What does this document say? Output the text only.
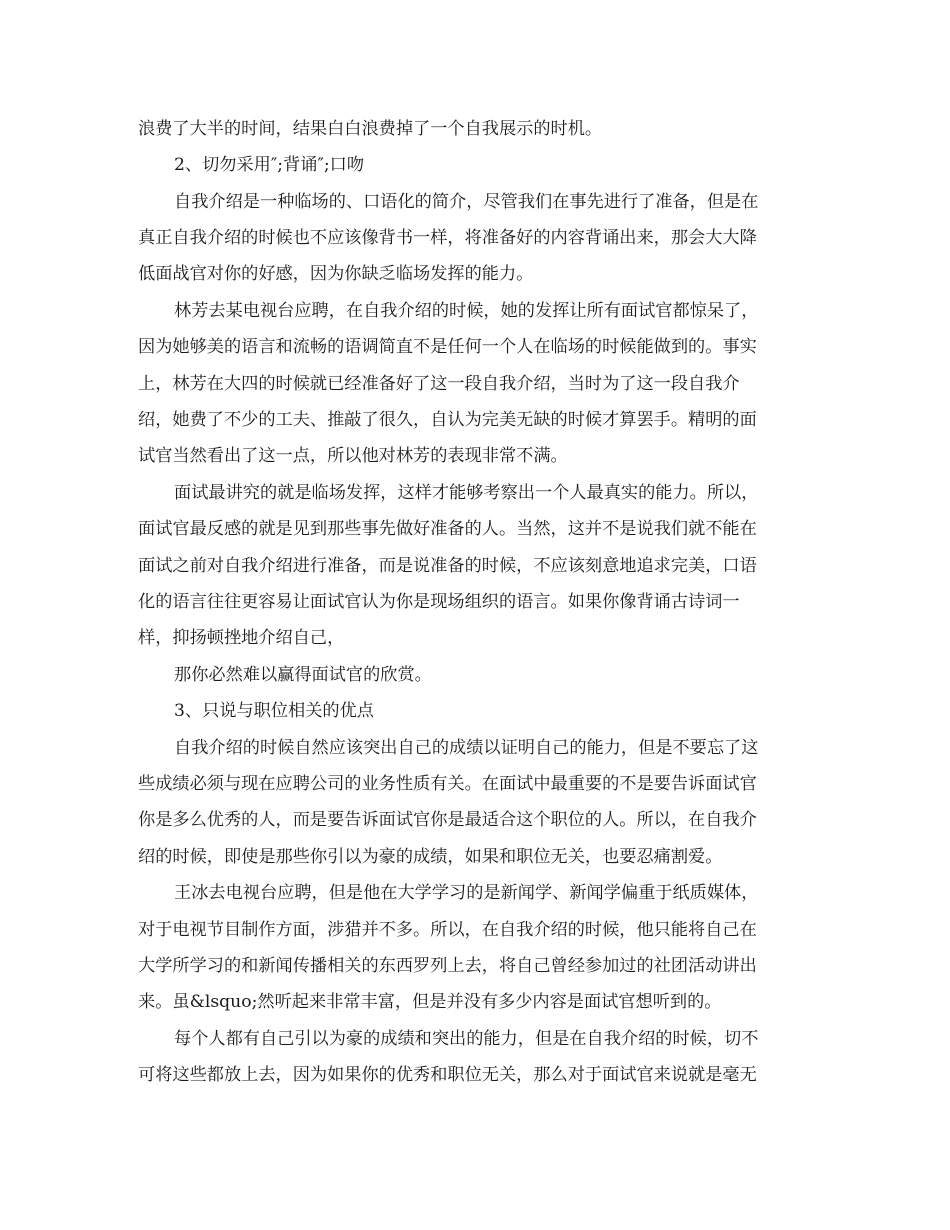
浪费了大半的时间，结果白白浪费掉了一个自我展示的时机。
2、切勿采用″;背诵″;口吻
自我介绍是一种临场的、口语化的简介，尽管我们在事先进行了准备，但是在
真正自我介绍的时候也不应该像背书一样，将准备好的内容背诵出来，那会大大降
低面战官对你的好感，因为你缺乏临场发挥的能力。
林芳去某电视台应聘，在自我介绍的时候，她的发挥让所有面试官都惊呆了，
因为她够美的语言和流畅的语调简直不是任何一个人在临场的时候能做到的。事实
上，林芳在大四的时候就已经准备好了这一段自我介绍，当时为了这一段自我介
绍，她费了不少的工夫、推敲了很久，自认为完美无缺的时候才算罢手。精明的面
试官当然看出了这一点，所以他对林芳的表现非常不满。
面试最讲究的就是临场发挥，这样才能够考察出一个人最真实的能力。所以，
面试官最反感的就是见到那些事先做好准备的人。当然，这并不是说我们就不能在
面试之前对自我介绍进行准备，而是说准备的时候，不应该刻意地追求完美，口语
化的语言往往更容易让面试官认为你是现场组织的语言。如果你像背诵古诗词一
样，抑扬顿挫地介绍自己，
那你必然难以赢得面试官的欣赏。
3、只说与职位相关的优点
自我介绍的时候自然应该突出自己的成绩以证明自己的能力，但是不要忘了这
些成绩必须与现在应聘公司的业务性质有关。在面试中最重要的不是要告诉面试官
你是多么优秀的人，而是要告诉面试官你是最适合这个职位的人。所以，在自我介
绍的时候，即使是那些你引以为豪的成绩，如果和职位无关，也要忍痛割爱。
王冰去电视台应聘，但是他在大学学习的是新闻学、新闻学偏重于纸质媒体，
对于电视节目制作方面，涉猎并不多。所以，在自我介绍的时候，他只能将自己在
大学所学习的和新闻传播相关的东西罗列上去，将自己曾经参加过的社团活动讲出
来。虽&lsquo;然听起来非常丰富，但是并没有多少内容是面试官想听到的。
每个人都有自己引以为豪的成绩和突出的能力，但是在自我介绍的时候，切不
可将这些都放上去，因为如果你的优秀和职位无关，那么对于面试官来说就是毫无
